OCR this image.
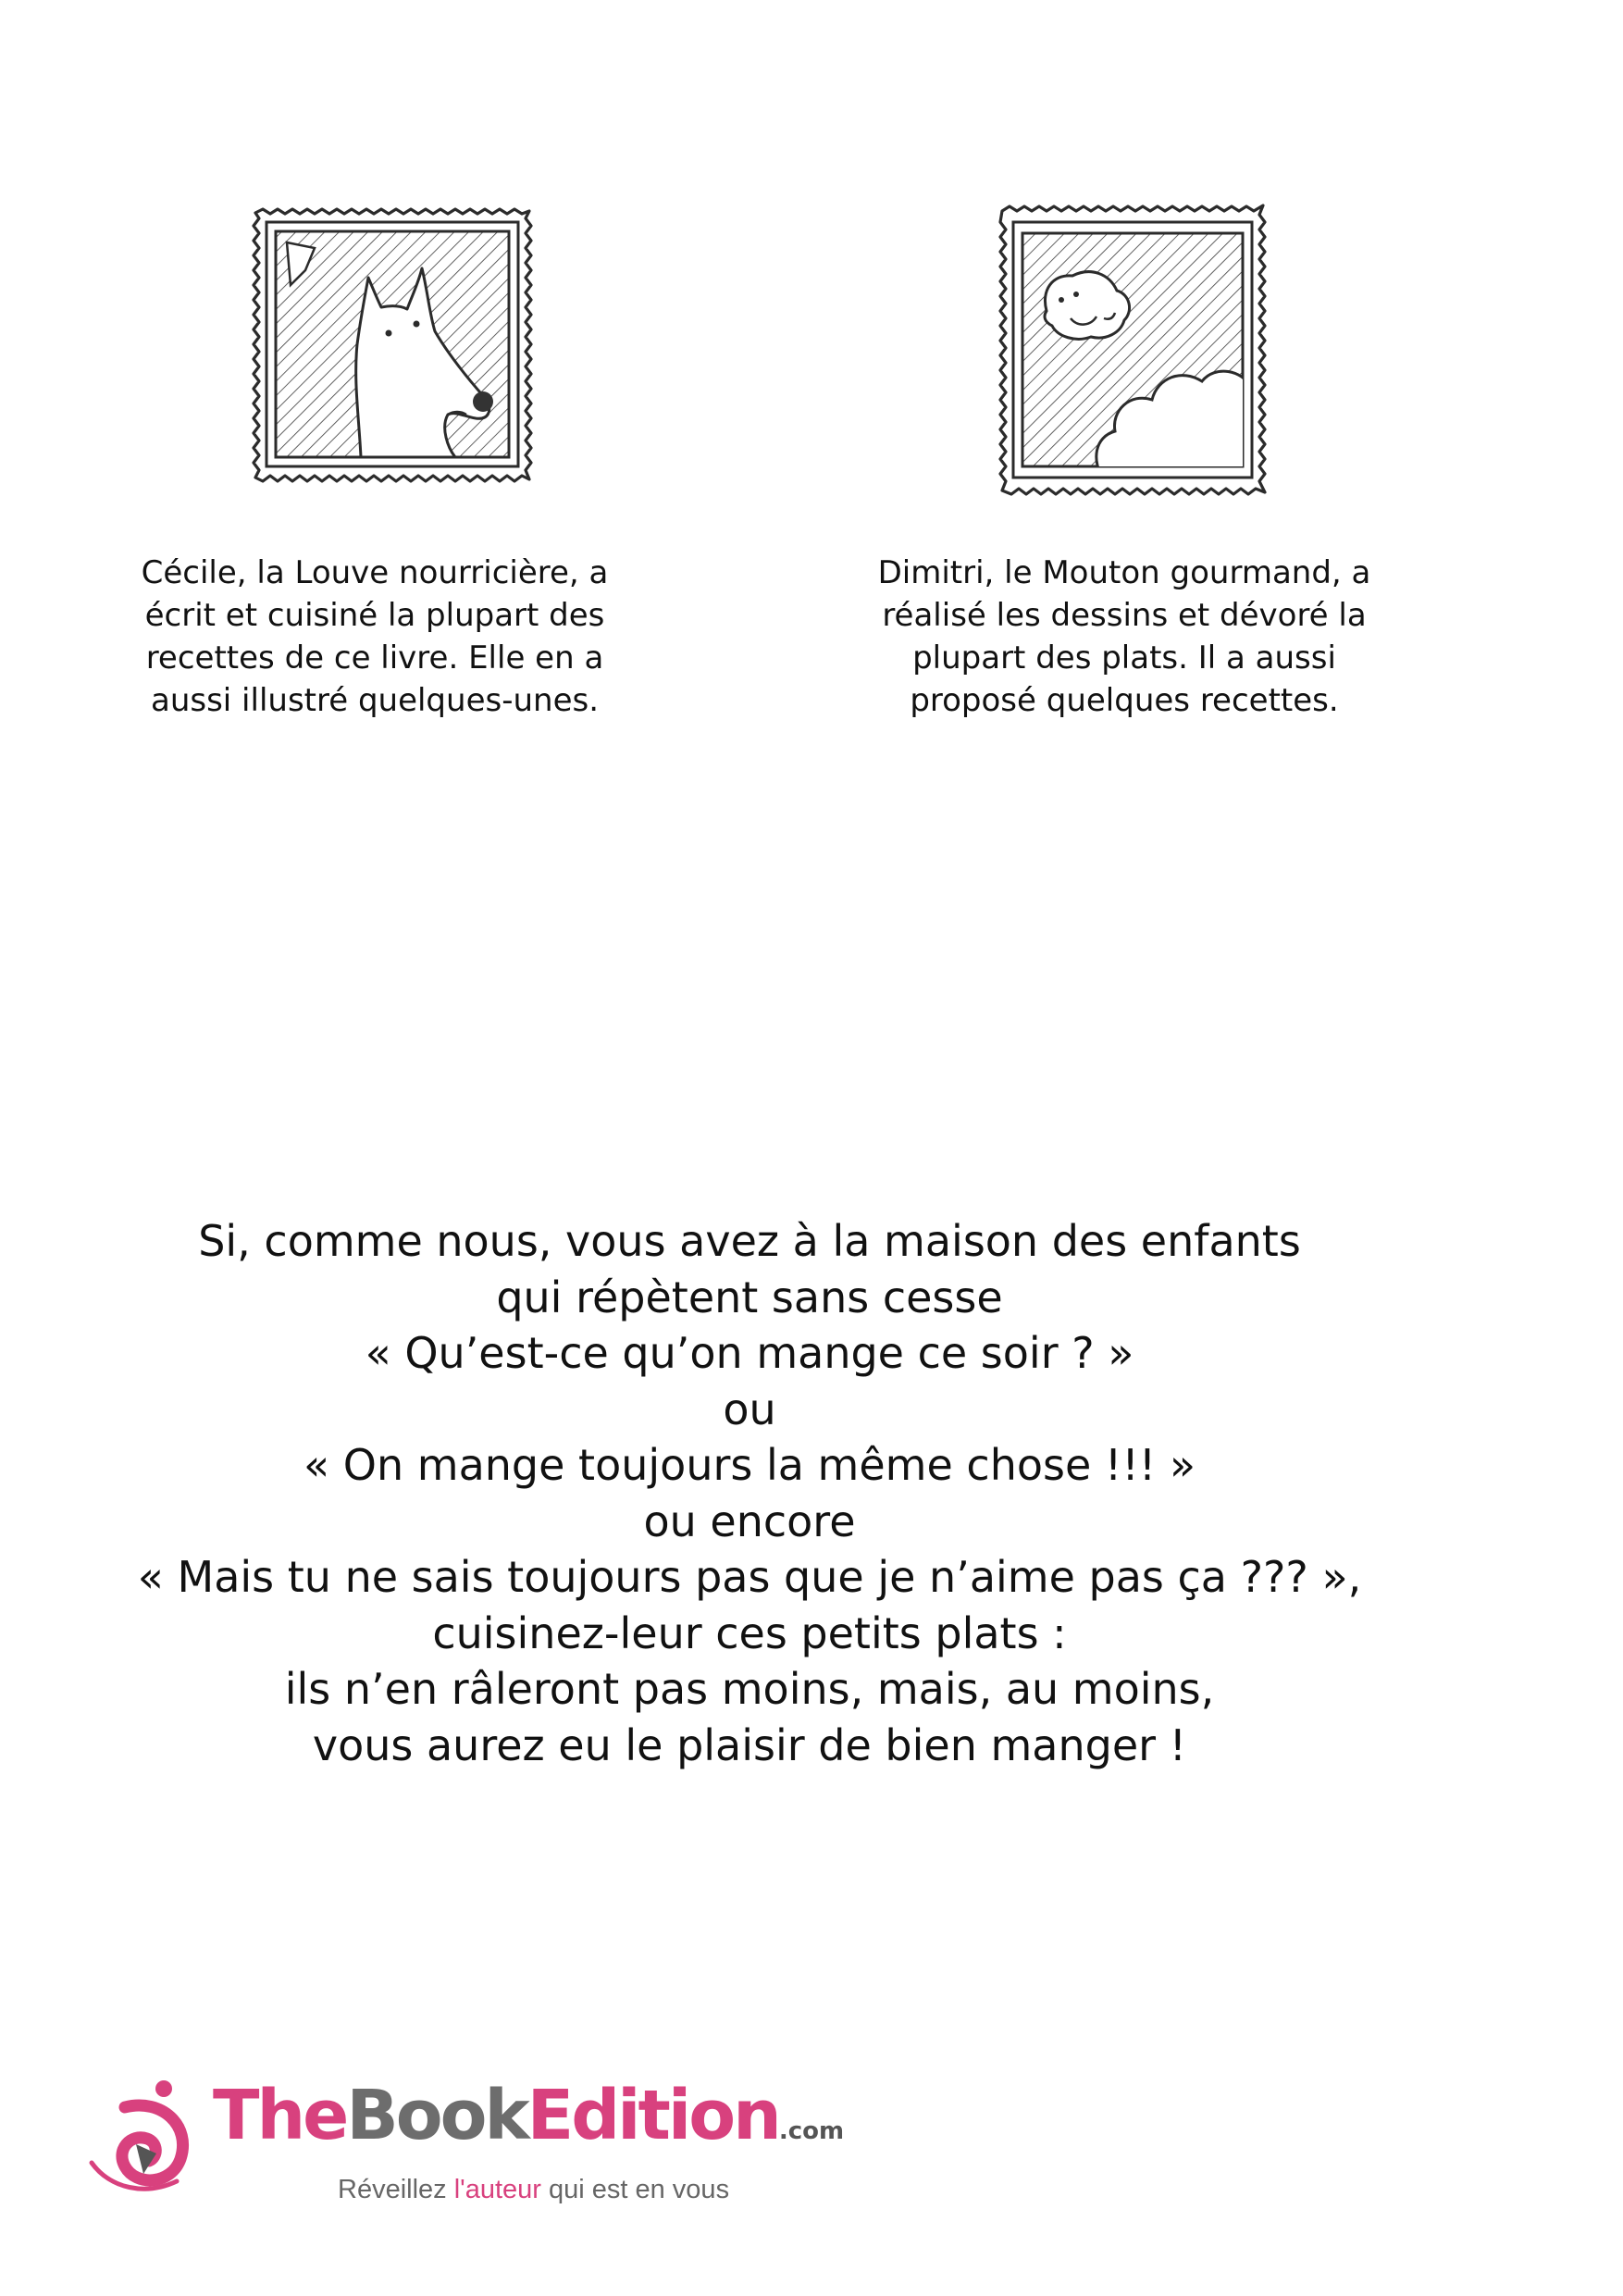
Cécile, la Louve nourricière, a
écrit et cuisiné la plupart des
recettes de ce livre. Elle en a
aussi illustré quelques-unes.
Dimitri, le Mouton gourmand, a
réalisé les dessins et dévoré la
plupart des plats. Il a aussi
proposé quelques recettes.
Si, comme nous, vous avez à la maison des enfants
qui répètent sans cesse
« Qu’est-ce qu’on mange ce soir ? »
ou
« On mange toujours la même chose !!! »
ou encore
« Mais tu ne sais toujours pas que je n’aime pas ça ??? »,
cuisinez-leur ces petits plats :
ils n’en râleront pas moins, mais, au moins,
vous aurez eu le plaisir de bien manger !
TheBookEdition.com
Réveillez l'auteur qui est en vous
